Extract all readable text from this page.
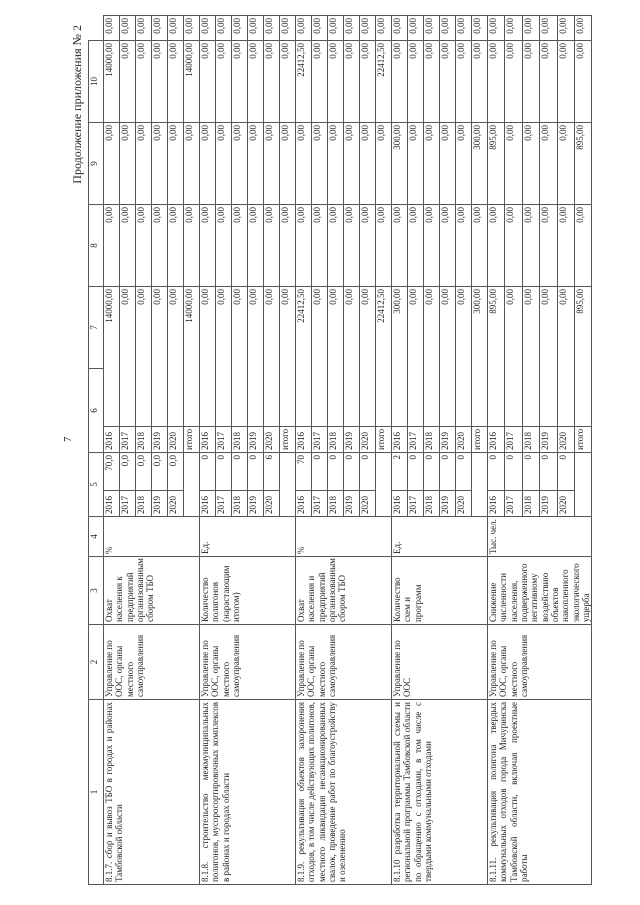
7
Продолжение приложения № 2
1	2	3	4	5		6		7	8	9	10	
8.1.7. сбор и вывоз ТБО в городах и районах Тамбовской области	Управление по ООС, органы местного самоуправления	Охват населения к предприятий организованным сбором ТБО	%	2016	70,0	2016	14000,00		0,00	0,00	14000,00	0,00
				2017	0,0	2017	0,00		0,00	0,00	0,00	0,00
				2018	0,0	2018	0,00		0,00	0,00	0,00	0,00
				2019	0,0	2019	0,00		0,00	0,00	0,00	0,00
				2020	0,0	2020	0,00		0,00	0,00	0,00	0,00
						итого	14000,00		0,00	0,00	14000,00	0,00
8.1.8. строительство межмуниципальных полигонов, мусоросортировочных комплексов в районах и городах области	Управление по ООС, органы местного самоуправления	Количество полигонов (нарастающим итогом)	Ед.	2016	0	2016	0,00		0,00	0,00	0,00	0,00
				2017	0	2017	0,00		0,00	0,00	0,00	0,00
				2018	0	2018	0,00		0,00	0,00	0,00	0,00
				2019	0	2019	0,00		0,00	0,00	0,00	0,00
				2020	6	2020	0,00		0,00	0,00	0,00	0,00
						итого	0,00		0,00	0,00	0,00	0,00
8.1.9. рекультивация объектов захоронения отходов, в том числе действующих полигонов, местного ликвидация несанкционированных свалок, проведение работ по благоустройству и озеленению	Управление по ООС, органы местного самоуправления	Охват населения и предприятий организованным сбором ТБО	%	2016	70	2016	22412,50		0,00	0,00	22412,50	0,00
				2017	0	2017	0,00		0,00	0,00	0,00	0,00
				2018	0	2018	0,00		0,00	0,00	0,00	0,00
				2019	0	2019	0,00		0,00	0,00	0,00	0,00
				2020	0	2020	0,00		0,00	0,00	0,00	0,00
						итого	22412,50		0,00	0,00	22412,50	0,00
8.1.10 разработка территориальной схемы и региональной программы Тамбовской области по обращению с отходами, в том числе с твердыми коммунальными отходами	Управление по ООС	Количество схем и программ	Ед.	2016	2	2016	300,00		0,00	300,00	0,00	0,00
				2017	0	2017	0,00		0,00	0,00	0,00	0,00
				2018	0	2018	0,00		0,00	0,00	0,00	0,00
				2019	0	2019	0,00		0,00	0,00	0,00	0,00
				2020	0	2020	0,00		0,00	0,00	0,00	0,00
						итого	300,00		0,00	300,00	0,00	0,00
8.1.11. рекультивация полигона твердых коммунальных отходов города Мичуринска Тамбовской области, включая проектные работы	Управление по ООС, органы местного самоуправления	Снижение численности населения, подверженного негативному воздействию объектов накопленного экологического ущерба	Тыс. чел.	2016	0	2016	895,00		0,00	895,00	0,00	0,00
				2017	0	2017	0,00		0,00	0,00	0,00	0,00
				2018	0	2018	0,00		0,00	0,00	0,00	0,00
				2019	0	2019	0,00		0,00	0,00	0,00	0,00
				2020	0	2020	0,00		0,00	0,00	0,00	0,00
						итого	895,00		0,00	895,00	0,00	0,00
